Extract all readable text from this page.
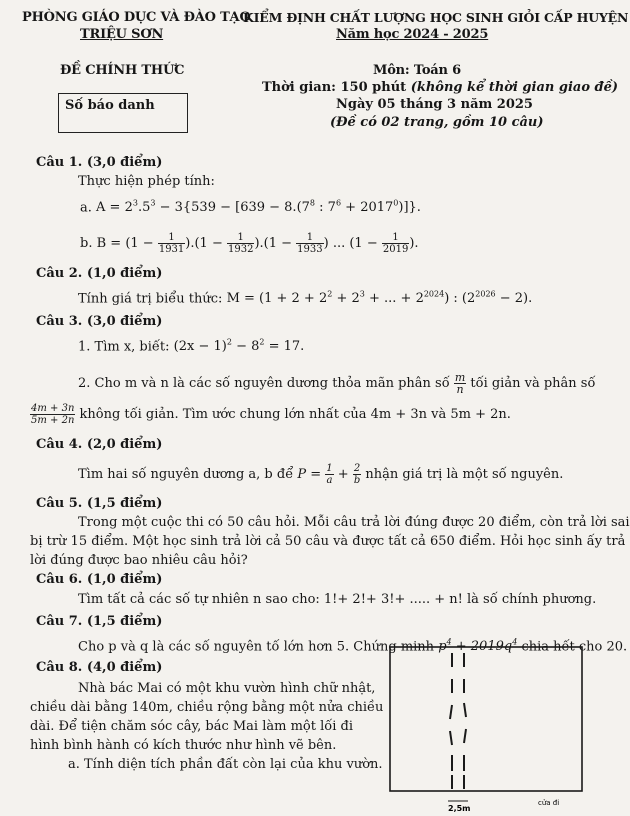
PHÒNG GIÁO DỤC VÀ ĐÀO TẠO
TRIỆU SƠN
KIỂM ĐỊNH CHẤT LƯỢNG HỌC SINH GIỎI CẤP HUYỆN
Năm học 2024 - 2025
ĐỀ CHÍNH THỨC	Môn: Toán 6
Thời gian: 150 phút (không kể thời gian giao đề)
Ngày 05 tháng 3 năm 2025
(Đề có 02 trang, gồm 10 câu)
Số báo danh
Câu 1. (3,0 điểm)
Thực hiện phép tính:
a. $A = 2^3.5^3 - 3\{539 - [639 - 8.(7^8$ : $7^6 + 2017^0$)]}.
b. $B = (1 - \frac{1}{1931} ).(1 - \frac{1}{1932} ).(1 - \frac{1}{1933}$ ) ... ($1 - \frac{1}{2019}$ ).
Câu 2. (1,0 điểm)
Tính giá trị biểu thức: $M = (1 + 2 + 2^2 + 2^3$ + ... + $2^{2024}$) : $(2^{2026} - 2)$.
Câu 3. (3,0 điểm)
1. Tìm x, biết: $(2x - 1)^2 - 8^2 = 17$.
2. Cho m và n là các số nguyên dương thỏa mãn phân số $\frac{m}{n}$ tối giản và phân số
$\frac{4m + 3n}{5m + 2n}$ không tối giản. Tìm ước chung lớn nhất của 4m + 3n và 5m + 2n.
Câu 4. (2,0 điểm)
Tìm hai số nguyên dương a, b để $P = \frac{1}{a} + \frac{2}{b}$ nhận giá trị là một số nguyên.
Câu 5. (1,5 điểm)
Trong một cuộc thi có 50 câu hỏi. Mỗi câu trả lời đúng được 20 điểm, còn trả lời sai
bị trừ 15 điểm. Một học sinh trả lời cả 50 câu và được tất cả 650 điểm. Hỏi học sinh ấy trả
lời đúng được bao nhiêu câu hỏi?
Câu 6. (1,0 điểm)
Tìm tất cả các số tự nhiên n sao cho: 1!+ 2!+ 3!+ ..... + n! là số chính phương.
Câu 7. (1,5 điểm)
Cho p và q là các số nguyên tố lớn hơn 5. Chứng minh $p^4 + 2019q^4$ chia hết cho 20.
Câu 8. (4,0 điểm)
Nhà bác Mai có một khu vườn hình chữ nhật,
chiều dài bằng 140m, chiều rộng bằng một nửa chiều
dài. Để tiện chăm sóc cây, bác Mai làm một lối đi
hình bình hành có kích thước như hình vẽ bên.
a. Tính diện tích phần đất còn lại của khu vườn.
2,5m
cửa đi
